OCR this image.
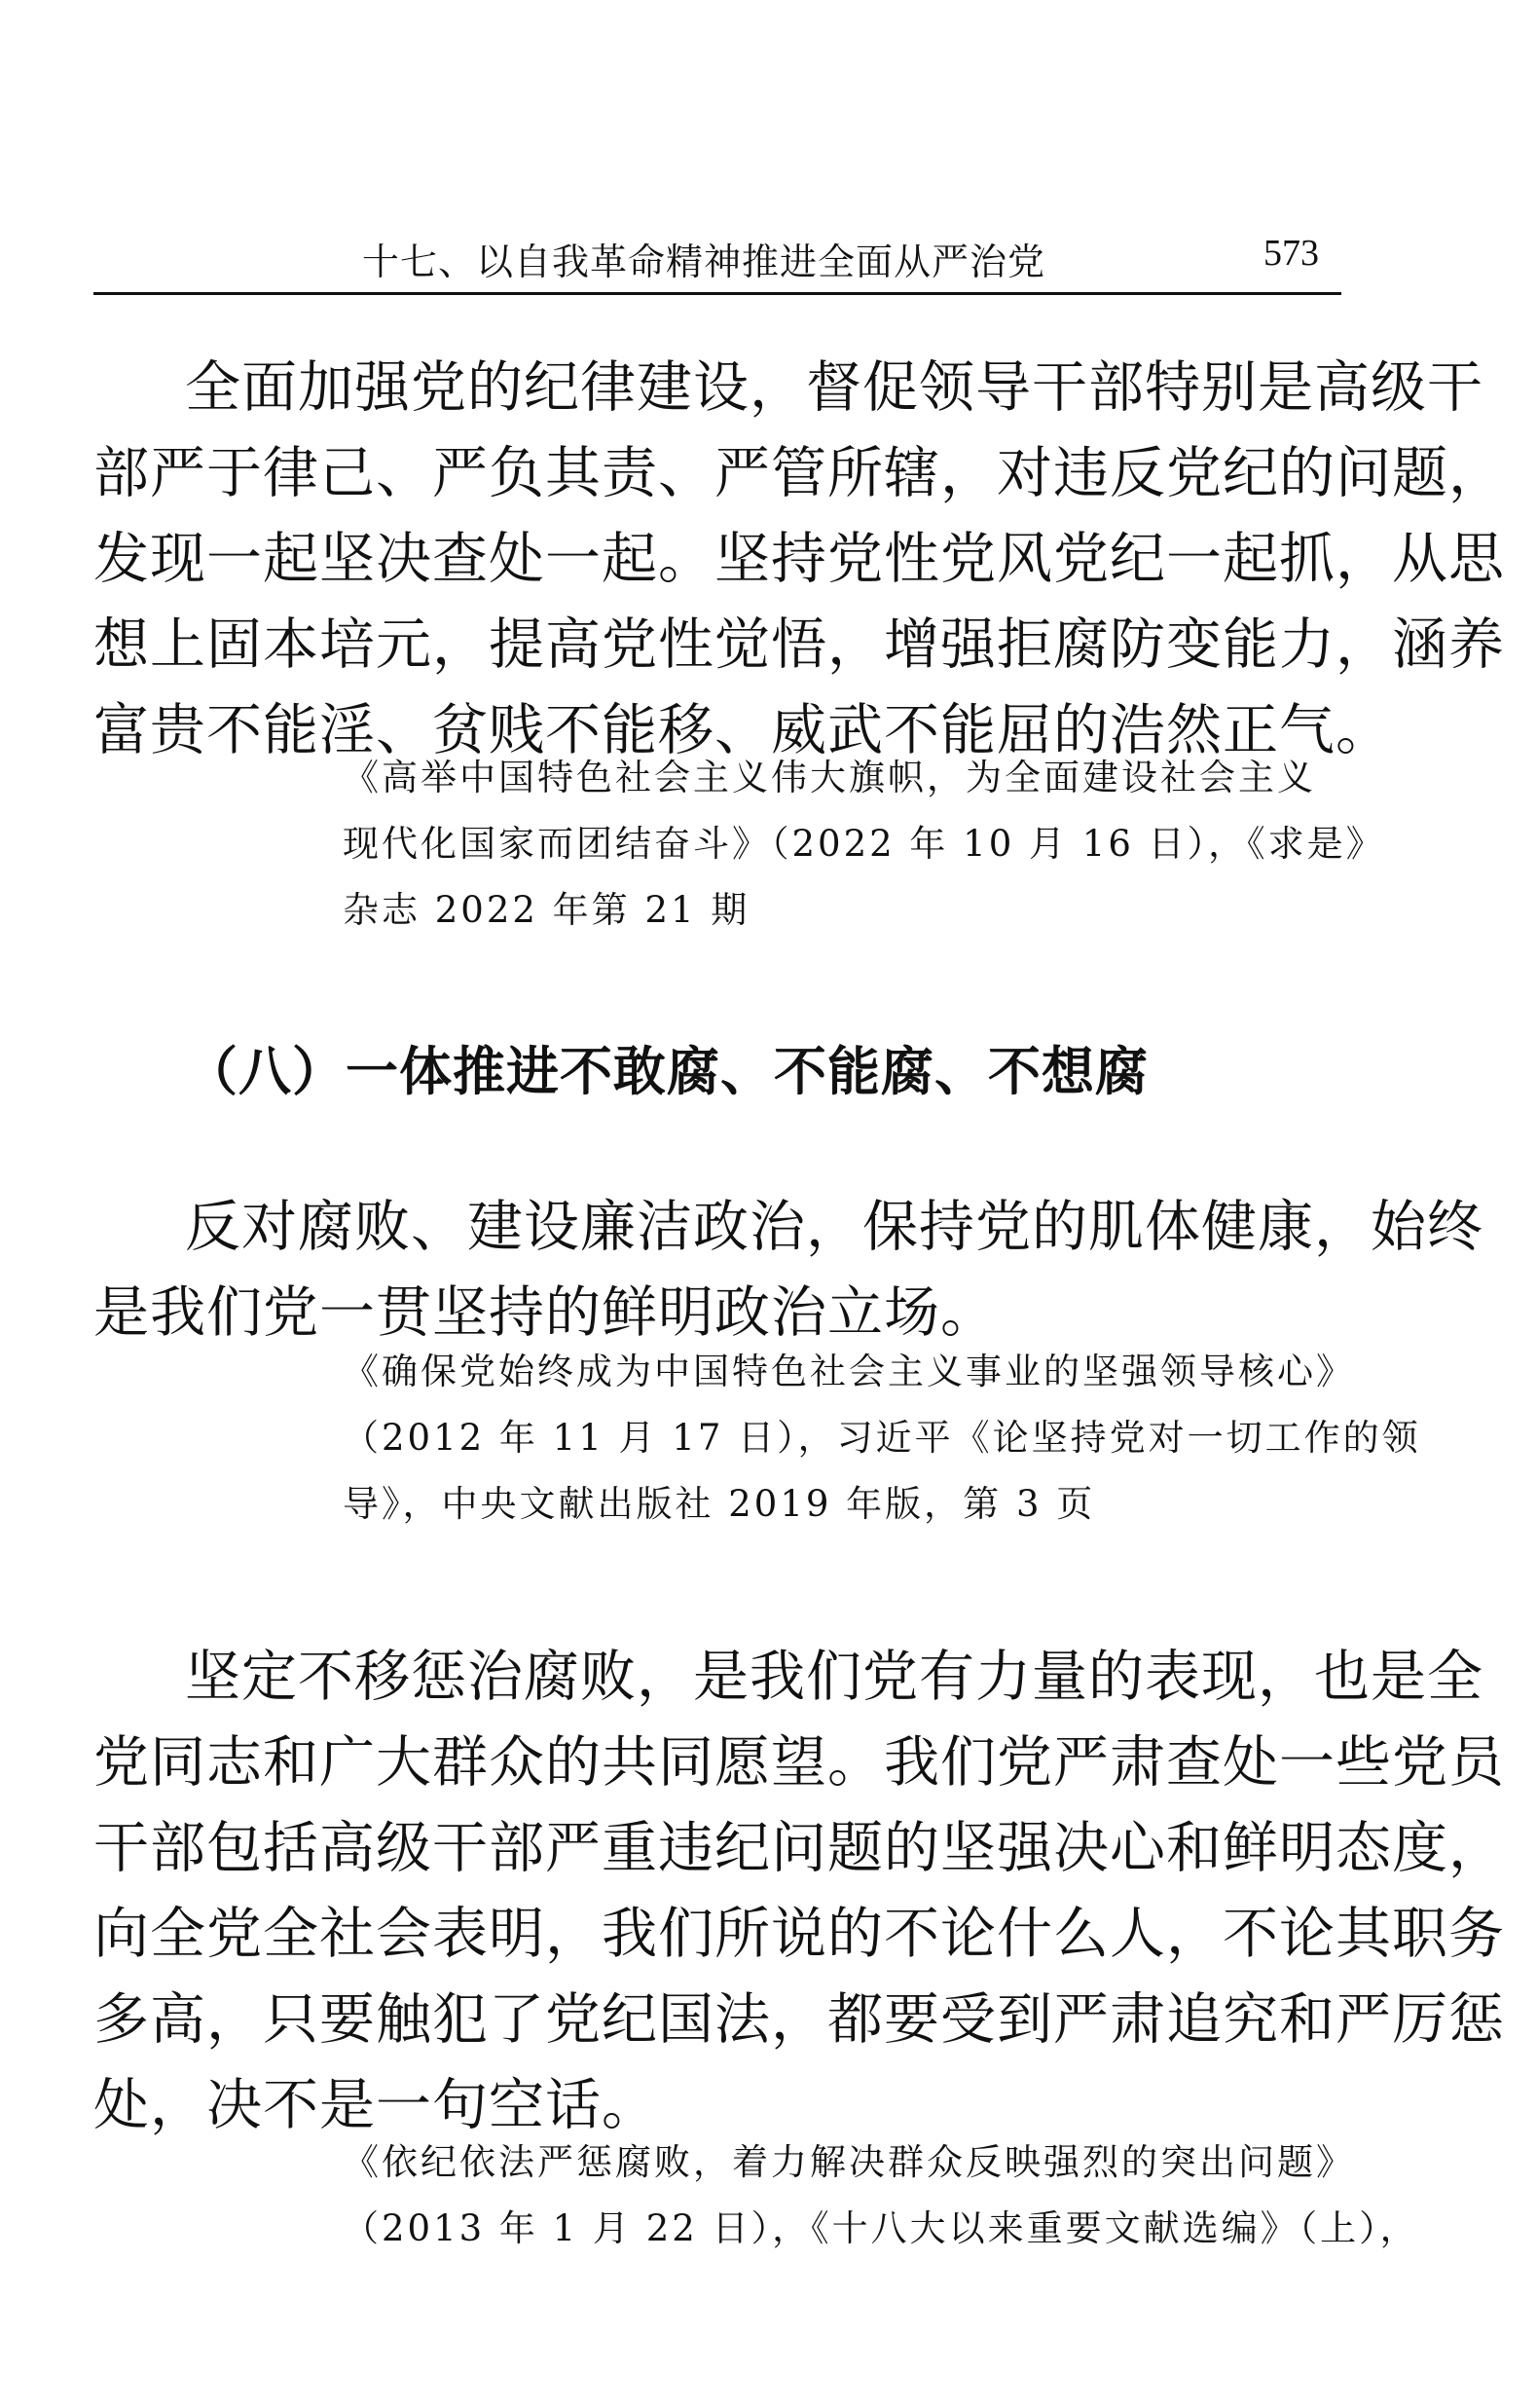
十七、以自我革命精神推进全面从严治党	573
全面加强党的纪律建设，督促领导干部特别是高级干
部严于律己、严负其责、严管所辖，对违反党纪的问题，
发现一起坚决查处一起。坚持党性党风党纪一起抓，从思
想上固本培元，提高党性觉悟，增强拒腐防变能力，涵养
富贵不能淫、贫贱不能移、威武不能屈的浩然正气。
《高举中国特色社会主义伟大旗帜，为全面建设社会主义
现代化国家而团结奋斗》（2022 年 10 月 16 日），《求是》
杂志 2022 年第 21 期
（八）一体推进不敢腐、不能腐、不想腐
反对腐败、建设廉洁政治，保持党的肌体健康，始终
是我们党一贯坚持的鲜明政治立场。
《确保党始终成为中国特色社会主义事业的坚强领导核心》
（2012 年 11 月 17 日），习近平《论坚持党对一切工作的领
导》，中央文献出版社 2019 年版，第 3 页
坚定不移惩治腐败，是我们党有力量的表现，也是全
党同志和广大群众的共同愿望。我们党严肃查处一些党员
干部包括高级干部严重违纪问题的坚强决心和鲜明态度，
向全党全社会表明，我们所说的不论什么人，不论其职务
多高，只要触犯了党纪国法，都要受到严肃追究和严厉惩
处，决不是一句空话。
《依纪依法严惩腐败，着力解决群众反映强烈的突出问题》
（2013 年 1 月 22 日），《十八大以来重要文献选编》（上），
